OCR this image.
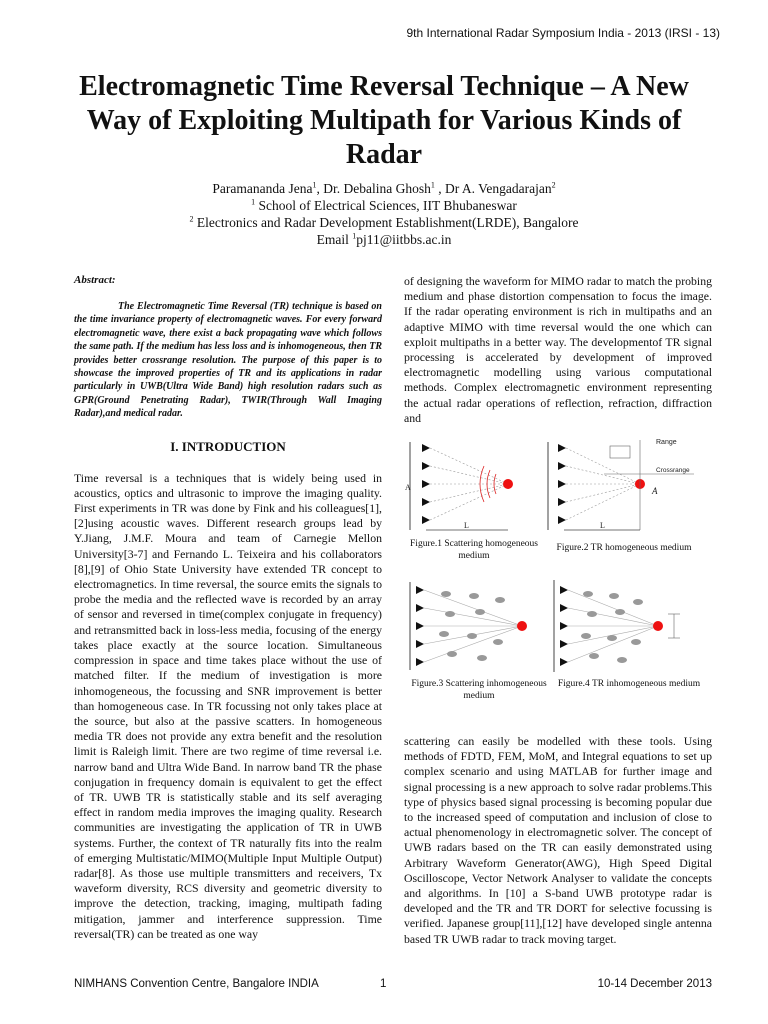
9th International Radar Symposium India - 2013 (IRSI - 13)
Electromagnetic Time Reversal Technique – A New Way of Exploiting Multipath for Various Kinds of Radar
Paramananda Jena$^1$, Dr. Debalina Ghosh$^1$ , Dr A. Vengadarajan$^2$
$^1$ School of Electrical Sciences, IIT Bhubaneswar
$^2$ Electronics and Radar Development Establishment(LRDE), Bangalore
Email $^1$pj11@iitbbs.ac.in
Abstract:

The Electromagnetic Time Reversal (TR) technique is based on the time invariance property of electromagnetic waves. For every forward electromagnetic wave, there exist a back propagating wave which follows the same path. If the medium has less loss and is inhomogeneous, then TR provides better crossrange resolution. The purpose of this paper is to showcase the improved properties of TR and its applications in radar particularly in UWB(Ultra Wide Band) high resolution radars such as GPR(Ground Penetrating Radar), TWIR(Through Wall Imaging Radar),and medical radar.

I. INTRODUCTION

Time reversal is a techniques that is widely being used in acoustics, optics and ultrasonic to improve the imaging quality. First experiments in TR was done by Fink and his colleagues[1],[2]using acoustic waves. Different research groups lead by Y.Jiang, J.M.F. Moura and team of Carnegie Mellon University[3-7] and Fernando L. Teixeira and his collaborators [8],[9] of Ohio State University have extended TR concept to electromagnetics. In time reversal, the source emits the signals to probe the media and the reflected wave is recorded by an array of sensor and reversed in time(complex conjugate in frequency) and retransmitted back in loss-less media, focusing of the energy takes place exactly at the source location. Simultaneous compression in space and time takes place without the use of matched filter. If the medium of investigation is more inhomogeneous, the focussing and SNR improvement is better than homogeneous case. In TR focussing not only takes place at the source, but also at the passive scatters. In homogeneous media TR does not provide any extra benefit and the resolution limit is Raleigh limit. There are two regime of time reversal i.e. narrow band and Ultra Wide Band. In narrow band TR the phase conjugation in frequency domain is equivalent to get the effect of TR. UWB TR is statistically stable and its self averaging effect in random media improves the imaging quality. Research communities are investigating the application of TR in UWB systems. Further, the context of TR naturally fits into the realm of emerging Multistatic/MIMO(Multiple Input Multiple Output) radar[8]. As those use multiple transmitters and receivers, Tx waveform diversity, RCS diversity and geometric diversity to improve the detection, tracking, imaging, multipath fading mitigation, jammer and interference suppression. Time reversal(TR) can be treated as one way

of designing the waveform for MIMO radar to match the probing medium and phase distortion compensation to focus the image. If the radar operating environment is rich in multipaths and an adaptive MIMO with time reversal would the one which can exploit multipaths in a better way. The developmentof TR signal processing is accelerated by development of improved electromagnetic modelling using various computational methods. Complex electromagnetic environment representing the actual radar operations of reflection, refraction, diffraction and

A
L
Figure.1 Scattering homogeneous medium
Range
Crossrange
A
L
Figure.2 TR homogeneous medium
Figure.3 Scattering inhomogeneous medium
Figure.4 TR inhomogeneous medium

scattering can easily be modelled with these tools. Using methods of FDTD, FEM, MoM, and Integral equations to set up complex scenario and using MATLAB for further image and signal processing is a new approach to solve radar problems.This type of physics based signal processing is becoming popular due to the increased speed of computation and inclusion of close to actual phenomenology in electromagnetic solver. The concept of UWB radars based on the TR can easily demonstrated using Arbitrary Waveform Generator(AWG), High Speed Digital Oscilloscope, Vector Network Analyser to validate the concepts and algorithms. In [10] a S-band UWB prototype radar is developed and the TR and TR DORT for selective focussing is verified. Japanese group[11],[12] have developed single antenna based TR UWB radar to track moving target.

NIMHANS Convention Centre, Bangalore INDIA	1	10-14 December 2013
